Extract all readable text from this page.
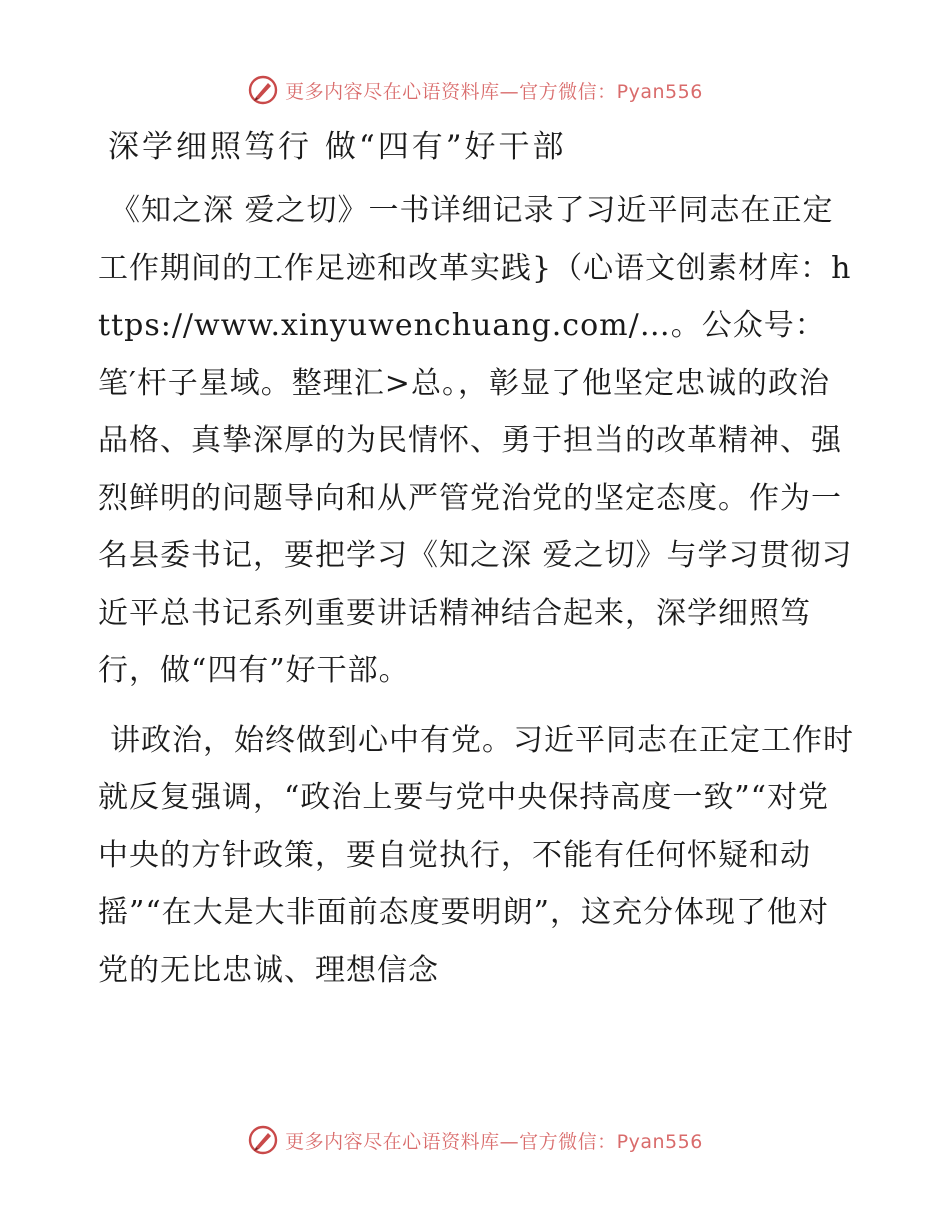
更多内容尽在心语资料库—官方微信：Pyan556
深学细照笃行 做“四有”好干部

《知之深 爱之切》一书详细记录了习近平同志在正定工作期间的工作足迹和改革实践}（心语文创素材库：https://www.xinyuwenchuang.com/…。公众号：笔′杆子星域。整理汇>总。，彰显了他坚定忠诚的政治品格、真挚深厚的为民情怀、勇于担当的改革精神、强烈鲜明的问题导向和从严管党治党的坚定态度。作为一名县委书记，要把学习《知之深 爱之切》与学习贯彻习近平总书记系列重要讲话精神结合起来，深学细照笃行，做“四有”好干部。

讲政治，始终做到心中有党。习近平同志在正定工作时就反复强调，“政治上要与党中央保持高度一致”“对党中央的方针政策，要自觉执行，不能有任何怀疑和动摇”“在大是大非面前态度要明朗”，这充分体现了他对党的无比忠诚、理想信念

更多内容尽在心语资料库—官方微信：Pyan556
